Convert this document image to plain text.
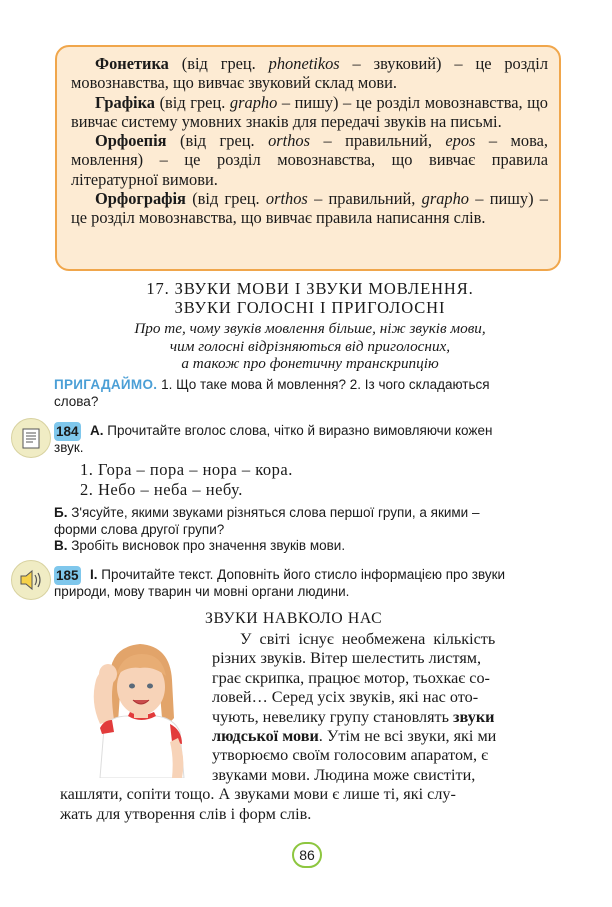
Фонетика (від грец. phonetikos – звуковий) – це розділ мовознавства, що вивчає звуковий склад мови.

Графіка (від грец. grapho – пишу) – це розділ мовознавства, що вивчає систему умовних знаків для передачі звуків на письмі.

Орфоепія (від грец. orthos – правильний, epos – мова, мовлення) – це розділ мовознавства, що вивчає правила літературної вимови.

Орфографія (від грец. orthos – правильний, grapho – пишу) – це розділ мовознавства, що вивчає правила написання слів.

17. ЗВУКИ МОВИ І ЗВУКИ МОВЛЕННЯ.
ЗВУКИ ГОЛОСНІ І ПРИГОЛОСНІ
Про те, чому звуків мовлення більше, ніж звуків мови,
чим голосні відрізняються від приголосних,
а також про фонетичну транскрипцію
ПРИГАДАЙМО. 1. Що таке мова й мовлення? 2. Із чого складаються
слова?
184 А. Прочитайте вголос слова, чітко й виразно вимовляючи кожен
звук.
1. Гора – пора – нора – кора.
2. Небо – неба – небу.
Б. З'ясуйте, якими звуками різняться слова першої групи, а якими –
форми слова другої групи?
В. Зробіть висновок про значення звуків мови.
185 І. Прочитайте текст. Доповніть його стисло інформацією про звуки
природи, мову тварин чи мовні органи людини.
ЗВУКИ НАВКОЛО НАС
У світі існує необмежена кількість
різних звуків. Вітер шелестить листям,
грає скрипка, працює мотор, тьохкає со-
ловей… Серед усіх звуків, які нас ото-
чують, невелику групу становлять звуки
людської мови. Утім не всі звуки, які ми
утворюємо своїм голосовим апаратом, є
звуками мови. Людина може свистіти,
кашляти, сопіти тощо. А звуками мови є лише ті, які слу-
жать для утворення слів і форм слів.
86
